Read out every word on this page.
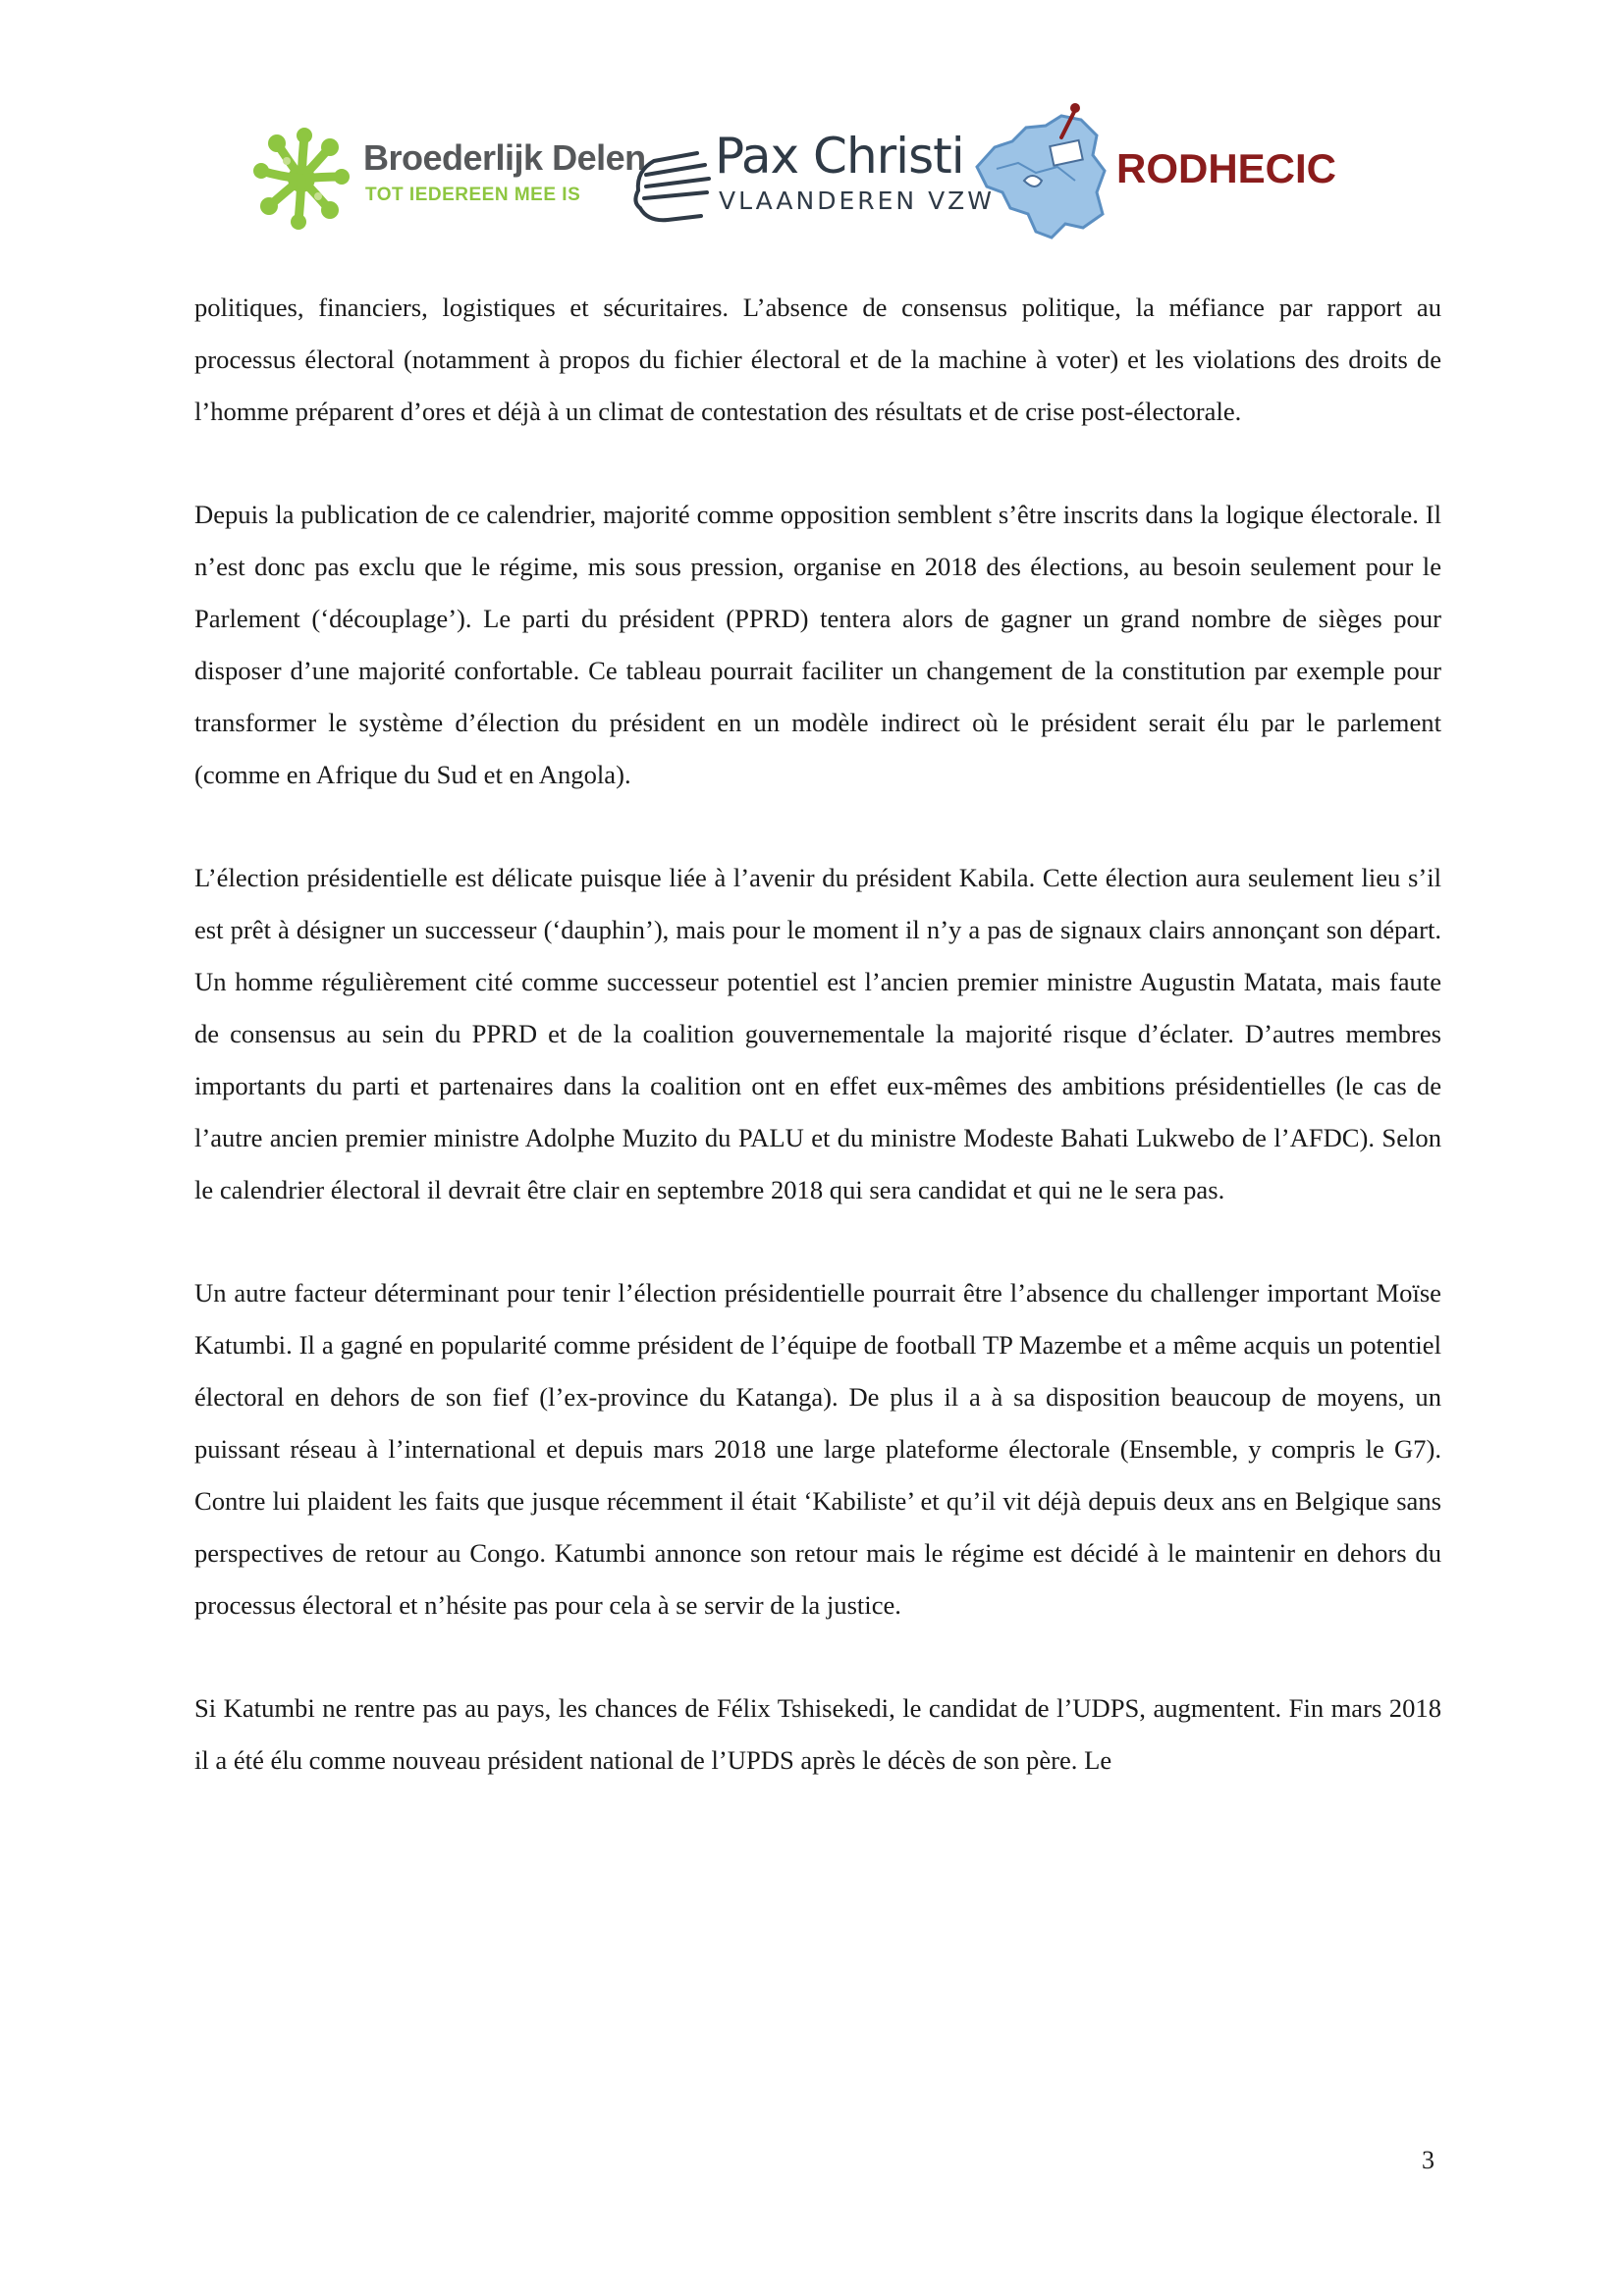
Broederlijk Delen
TOT IEDEREEN MEE IS
Pax Christi
VLAANDEREN VZW
RODHECIC

politiques, financiers, logistiques et sécuritaires. L’absence de consensus politique, la méfiance par rapport au processus électoral (notamment à propos du fichier électoral et de la machine à voter) et les violations des droits de l’homme préparent d’ores et déjà à un climat de contestation des résultats et de crise post-électorale.

Depuis la publication de ce calendrier, majorité comme opposition semblent s’être inscrits dans la logique électorale. Il n’est donc pas exclu que le régime, mis sous pression, organise en 2018 des élections, au besoin seulement pour le Parlement (‘découplage’). Le parti du président (PPRD) tentera alors de gagner un grand nombre de sièges pour disposer d’une majorité confortable. Ce tableau pourrait faciliter un changement de la constitution par exemple pour transformer le système d’élection du président en un modèle indirect où le président serait élu par le parlement (comme en Afrique du Sud et en Angola).

L’élection présidentielle est délicate puisque liée à l’avenir du président Kabila. Cette élection aura seulement lieu s’il est prêt à désigner un successeur (‘dauphin’), mais pour le moment il n’y a pas de signaux clairs annonçant son départ. Un homme régulièrement cité comme successeur potentiel est l’ancien premier ministre Augustin Matata, mais faute de consensus au sein du PPRD et de la coalition gouvernementale la majorité risque d’éclater. D’autres membres importants du parti et partenaires dans la coalition ont en effet eux-mêmes des ambitions présidentielles (le cas de l’autre ancien premier ministre Adolphe Muzito du PALU et du ministre Modeste Bahati Lukwebo de l’AFDC). Selon le calendrier électoral il devrait être clair en septembre 2018 qui sera candidat et qui ne le sera pas.

Un autre facteur déterminant pour tenir l’élection présidentielle pourrait être l’absence du challenger important Moïse Katumbi. Il a gagné en popularité comme président de l’équipe de football TP Mazembe et a même acquis un potentiel électoral en dehors de son fief (l’ex-province du Katanga). De plus il a à sa disposition beaucoup de moyens, un puissant réseau à l’international et depuis mars 2018 une large plateforme électorale (Ensemble, y compris le G7). Contre lui plaident les faits que jusque récemment il était ‘Kabiliste’ et qu’il vit déjà depuis deux ans en Belgique sans perspectives de retour au Congo. Katumbi annonce son retour mais le régime est décidé à le maintenir en dehors du processus électoral et n’hésite pas pour cela à se servir de la justice.

Si Katumbi ne rentre pas au pays, les chances de Félix Tshisekedi, le candidat de l’UDPS, augmentent. Fin mars 2018 il a été élu comme nouveau président national de l’UPDS après le décès de son père. Le

3
